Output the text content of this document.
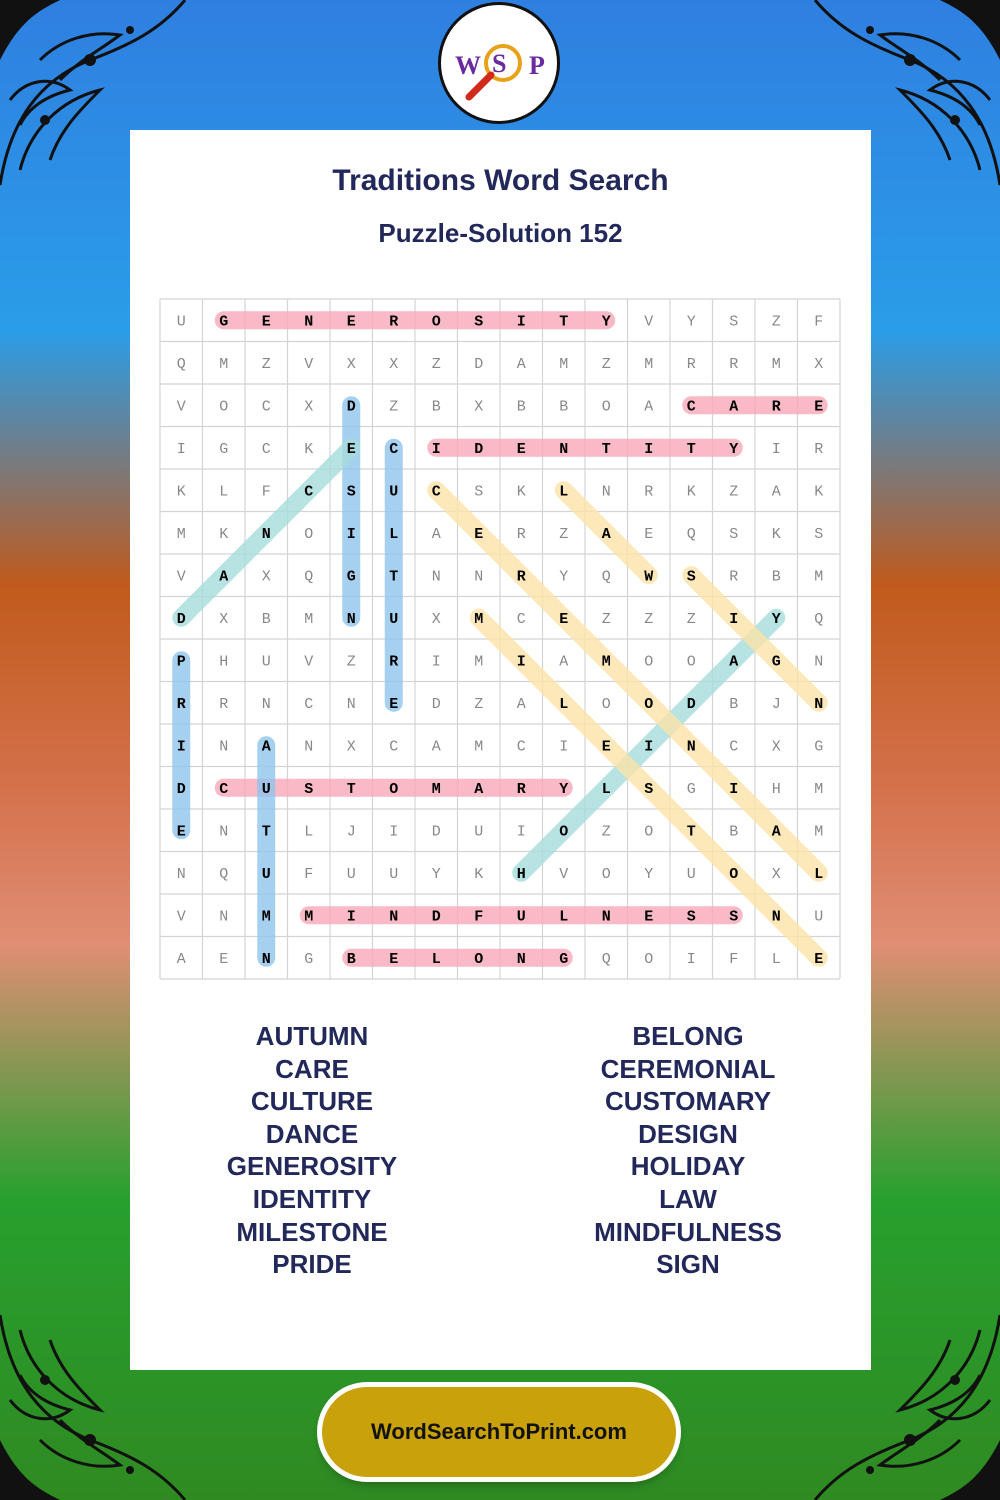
W S P
Traditions Word Search
Puzzle-Solution 152
U G E N E R O S I T Y V Y S Z F
Q M Z V X X Z D A M Z M R R M X
V O C X D Z B X B B O A C A R E
I G C K E C I D E N T I T Y I R
K L F C S U C S K L N R K Z A K
M K N O I L A E R Z A E Q S K S
V A X Q G T N N R Y Q W S R B M
D X B M N U X M C E Z Z Z I Y Q
P H U V Z R I M I A M O O A G N
R R N C N E D Z A L O O D B J N
I N A N X C A M C I E I N C X G
D C U S T O M A R Y L S G I H M
E N T L J I D U I O Z O T B A M
N Q U F U U Y K H V O Y U O X L
V N M M I N D F U L N E S S N U
A E N G B E L O N G Q O I F L E
AUTUMN
CARE
CULTURE
DANCE
GENEROSITY
IDENTITY
MILESTONE
PRIDE
BELONG
CEREMONIAL
CUSTOMARY
DESIGN
HOLIDAY
LAW
MINDFULNESS
SIGN
WordSearchToPrint.com
